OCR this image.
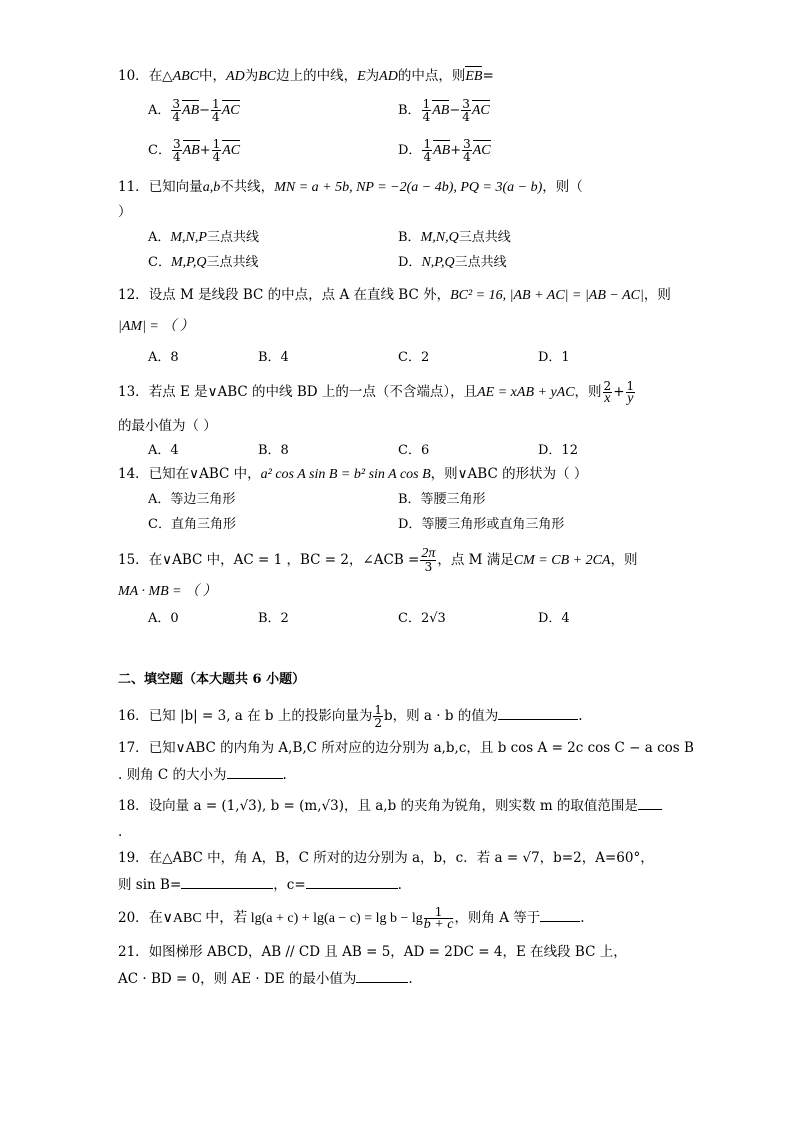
10．在△ABC中，AD为BC边上的中线，E为AD的中点，则EB=
A． $\frac{3}{4} AB- \frac{1}{4}$ AC	B． $\frac{1}{4} AB- \frac{3}{4}$ AC
C． $\frac{3}{4} AB+ \frac{1}{4}$ AC	D． $\frac{1}{4} AB+ \frac{3}{4}$ AC
11．已知向量a,b不共线，MN = a + 5b, NP = −2(a − 4b), PQ = 3(a − b)，则（
）
A．M,N,P三点共线	B．M,N,Q三点共线
C．M,P,Q三点共线	D．N,P,Q三点共线
12．设点 M 是线段 BC 的中点，点 A 在直线 BC 外，BC² = 16, |AB + AC| = |AB − AC|，则
|AM| = （ ）
A．8	B．4	C．2	D．1
13．若点 E 是∨ABC 的中线 BD 上的一点（不含端点），且AE = xAB + yAC，则 $\frac{2}{x} + \frac{1}{y}$
的最小值为（ ）
A．4	B．8	C．6	D．12
14．已知在∨ABC 中，a² cos A sin B = b² sin A cos B，则∨ABC 的形状为（ ）
A．等边三角形	B．等腰三角形
C．直角三角形	D．等腰三角形或直角三角形
15．在∨ABC 中，AC = 1 ，BC = 2，∠ACB = $\frac{2\pi}{3}$ ，点 M 满足CM = CB + 2CA，则
MA · MB = （ ）
A．0	B．2	C．2√3	D．4
二、填空题（本大题共 6 小题）
16．已知 |b| = 3, a 在 b 上的投影向量为 $\frac{1}{2}$ b，则 a · b 的值为	.
17．已知∨ABC 的内角为 A,B,C 所对应的边分别为 a,b,c，且 b cos A = 2c cos C − a cos B
. 则角 C 的大小为	.
18．设向量 a = (1,√3), b = (m,√3)，且 a,b 的夹角为锐角，则实数 m 的取值范围是
.
19．在△ABC 中，角 A，B，C 所对的边分别为 a，b，c．若 a = √7，b=2，A=60°，
则 sin B=	，c=	.
20．在∨ABC 中，若 $\lg(a + c) + \lg(a - c) = \lg b - \lg \frac{1}{b + c}$ ，则角 A 等于	.
21．如图梯形 ABCD，AB // CD 且 AB = 5，AD = 2DC = 4，E 在线段 BC 上，
AC · BD = 0，则 AE · DE 的最小值为	.
